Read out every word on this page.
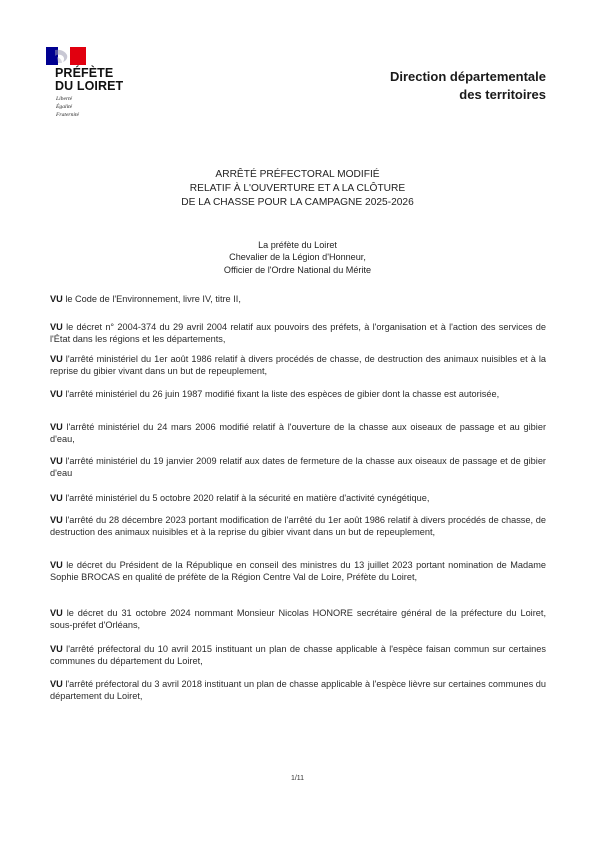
PRÉFÈTE
DU LOIRET
Liberté
Égalité
Fraternité
Direction départementale
des territoires
ARRÊTÉ PRÉFECTORAL MODIFIÉ
RELATIF À L'OUVERTURE ET A LA CLÔTURE
DE LA CHASSE POUR LA CAMPAGNE 2025-2026
La préfète du Loiret
Chevalier de la Légion d'Honneur,
Officier de l'Ordre National du Mérite

VU le Code de l'Environnement, livre IV, titre II,

VU le décret n° 2004-374 du 29 avril 2004 relatif aux pouvoirs des préfets, à l'organisation et à l'action des services de l'État dans les régions et les départements,

VU l'arrêté ministériel du 1er août 1986 relatif à divers procédés de chasse, de destruction des animaux nuisibles et à la reprise du gibier vivant dans un but de repeuplement,

VU l'arrêté ministériel du 26 juin 1987 modifié fixant la liste des espèces de gibier dont la chasse est autorisée,

VU l'arrêté ministériel du 24 mars 2006 modifié relatif à l'ouverture de la chasse aux oiseaux de passage et au gibier d'eau,

VU l'arrêté ministériel du 19 janvier 2009 relatif aux dates de fermeture de la chasse aux oiseaux de passage et de gibier d'eau

VU l'arrêté ministériel du 5 octobre 2020 relatif à la sécurité en matière d'activité cynégétique,

VU l'arrêté du 28 décembre 2023 portant modification de l'arrêté du 1er août 1986 relatif à divers procédés de chasse, de destruction des animaux nuisibles et à la reprise du gibier vivant dans un but de repeuplement,

VU le décret du Président de la République en conseil des ministres du 13 juillet 2023 portant nomination de Madame Sophie BROCAS en qualité de préfète de la Région Centre Val de Loire, Préfète du Loiret,

VU le décret du 31 octobre 2024 nommant Monsieur Nicolas HONORE secrétaire général de la préfecture du Loiret, sous-préfet d'Orléans,

VU l'arrêté préfectoral du 10 avril 2015 instituant un plan de chasse applicable à l'espèce faisan commun sur certaines communes du département du Loiret,

VU l'arrêté préfectoral du 3 avril 2018 instituant un plan de chasse applicable à l'espèce lièvre sur certaines communes du département du Loiret,

1/11
